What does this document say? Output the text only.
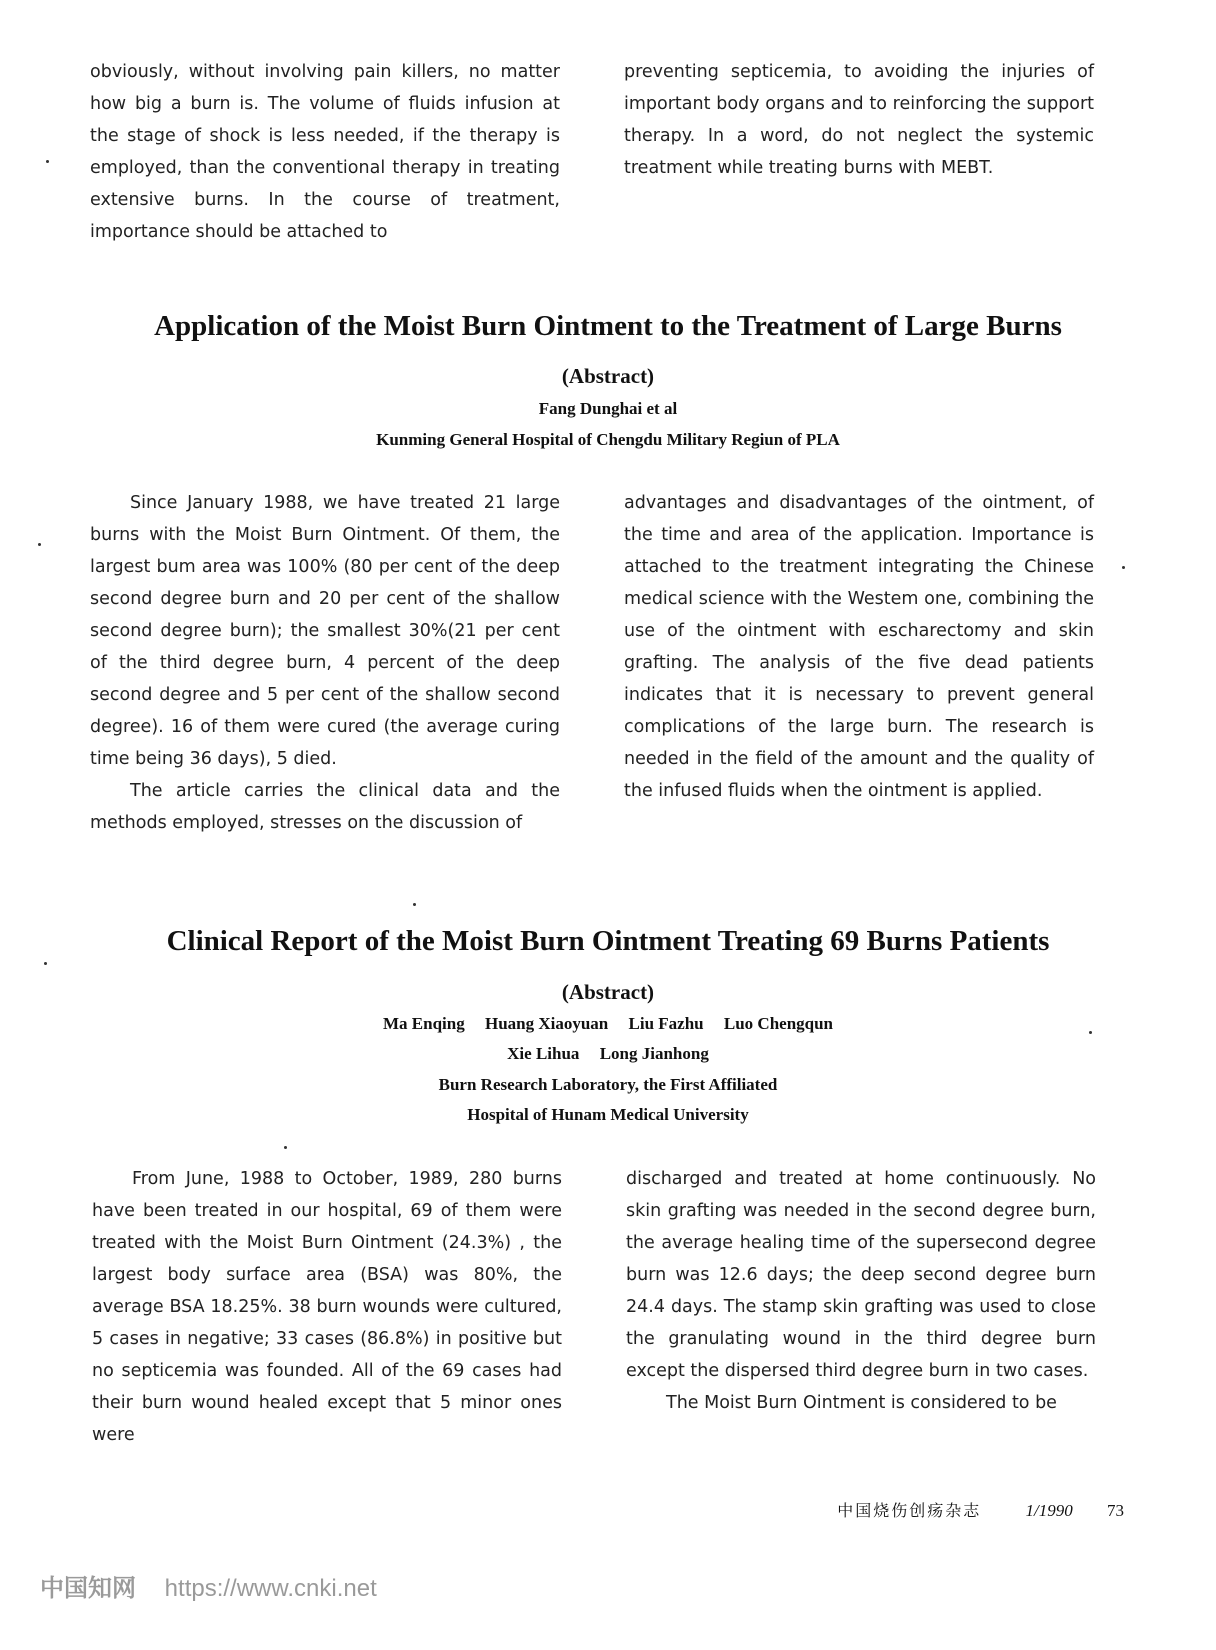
obviously, without involving pain killers, no matter how big a burn is. The volume of fluids infusion at the stage of shock is less needed, if the therapy is employed, than the conventional therapy in treating extensive burns. In the course of treatment, importance should be attached to

preventing septicemia, to avoiding the injuries of important body organs and to reinforcing the support therapy. In a word, do not neglect the systemic treatment while treating burns with MEBT.

Application of the Moist Burn Ointment to the Treatment of Large Burns
(Abstract)
Fang Dunghai et al
Kunming General Hospital of Chengdu Military Regiun of PLA

Since January 1988, we have treated 21 large burns with the Moist Burn Ointment. Of them, the largest bum area was 100% (80 per cent of the deep second degree burn and 20 per cent of the shallow second degree burn); the smallest 30%(21 per cent of the third degree burn, 4 percent of the deep second degree and 5 per cent of the shallow second degree). 16 of them were cured (the average curing time being 36 days), 5 died.

The article carries the clinical data and the methods employed, stresses on the discussion of

advantages and disadvantages of the ointment, of the time and area of the application. Importance is attached to the treatment integrating the Chinese medical science with the Westem one, combining the use of the ointment with escharectomy and skin grafting. The analysis of the five dead patients indicates that it is necessary to prevent general complications of the large burn. The research is needed in the field of the amount and the quality of the infused fluids when the ointment is applied.

Clinical Report of the Moist Burn Ointment Treating 69 Burns Patients
(Abstract)
Ma Enqing Huang Xiaoyuan Liu Fazhu Luo Chengqun
Xie Lihua Long Jianhong
Burn Research Laboratory, the First Affiliated
Hospital of Hunam Medical University

From June, 1988 to October, 1989, 280 burns have been treated in our hospital, 69 of them were treated with the Moist Burn Ointment (24.3%) , the largest body surface area (BSA) was 80%, the average BSA 18.25%. 38 burn wounds were cultured, 5 cases in negative; 33 cases (86.8%) in positive but no septicemia was founded. All of the 69 cases had their burn wound healed except that 5 minor ones were

discharged and treated at home continuously. No skin grafting was needed in the second degree burn, the average healing time of the supersecond degree burn was 12.6 days; the deep second degree burn 24.4 days. The stamp skin grafting was used to close the granulating wound in the third degree burn except the dispersed third degree burn in two cases.

The Moist Burn Ointment is considered to be

中国烧伤创疡杂志	1/1990 73
中国知网 https://www.cnki.net
